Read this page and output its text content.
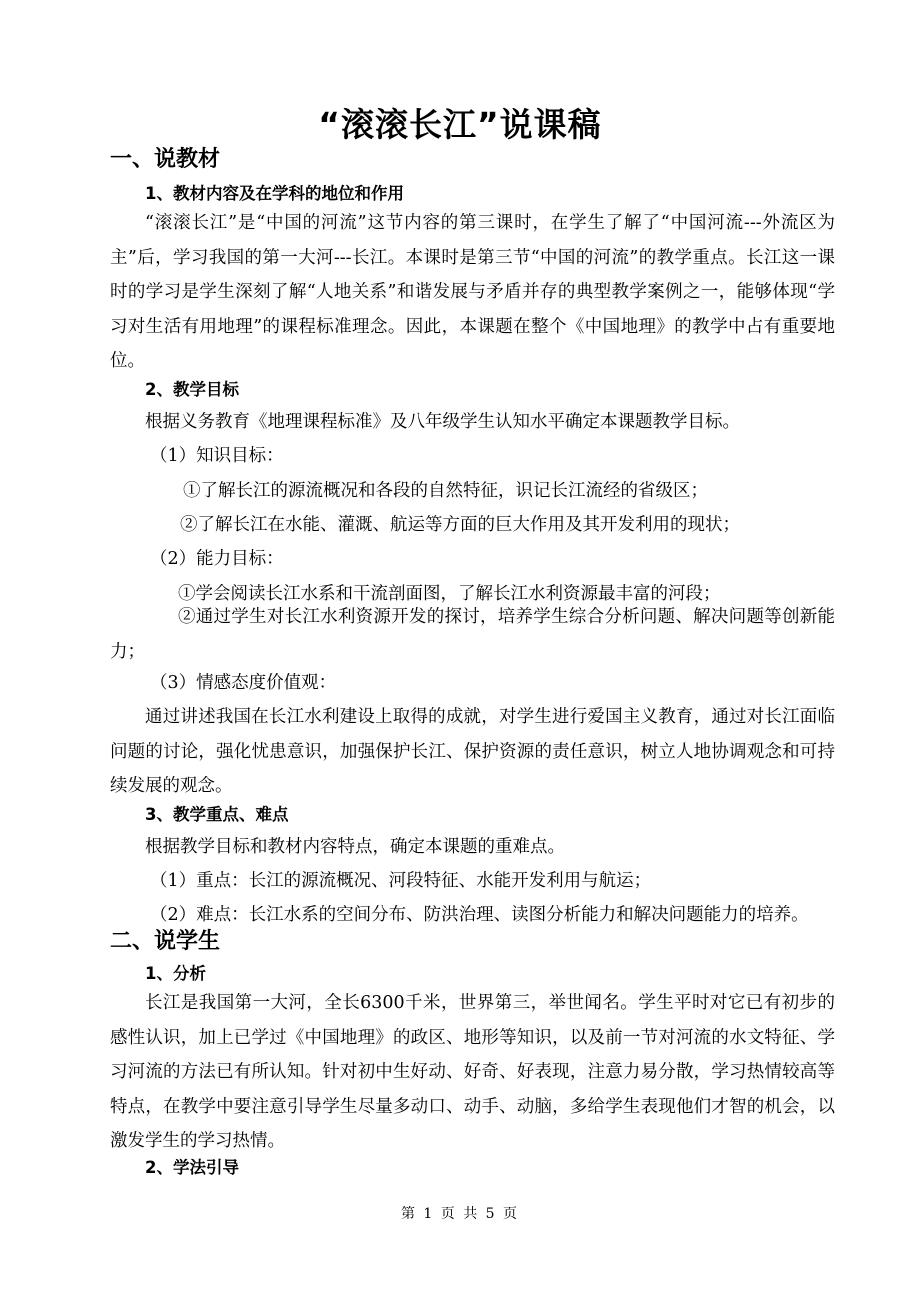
“滚滚长江”说课稿
一、说教材
1、教材内容及在学科的地位和作用
“滚滚长江”是“中国的河流”这节内容的第三课时，在学生了解了“中国河流---外流区为主”后，学习我国的第一大河---长江。本课时是第三节“中国的河流”的教学重点。长江这一课时的学习是学生深刻了解“人地关系”和谐发展与矛盾并存的典型教学案例之一，能够体现“学习对生活有用地理”的课程标准理念。因此，本课题在整个《中国地理》的教学中占有重要地位。
2、教学目标
根据义务教育《地理课程标准》及八年级学生认知水平确定本课题教学目标。
（1）知识目标：
①了解长江的源流概况和各段的自然特征，识记长江流经的省级区；
②了解长江在水能、灌溉、航运等方面的巨大作用及其开发利用的现状；
（2）能力目标：
①学会阅读长江水系和干流剖面图，了解长江水利资源最丰富的河段；
②通过学生对长江水利资源开发的探讨，培养学生综合分析问题、解决问题等创新能力；
（3）情感态度价值观：
通过讲述我国在长江水利建设上取得的成就，对学生进行爱国主义教育，通过对长江面临问题的讨论，强化忧患意识，加强保护长江、保护资源的责任意识，树立人地协调观念和可持续发展的观念。
3、教学重点、难点
根据教学目标和教材内容特点，确定本课题的重难点。
（1）重点：长江的源流概况、河段特征、水能开发利用与航运；
（2）难点：长江水系的空间分布、防洪治理、读图分析能力和解决问题能力的培养。
二、说学生
1、分析
长江是我国第一大河，全长6300千米，世界第三，举世闻名。学生平时对它已有初步的感性认识，加上已学过《中国地理》的政区、地形等知识，以及前一节对河流的水文特征、学习河流的方法已有所认知。针对初中生好动、好奇、好表现，注意力易分散，学习热情较高等特点，在教学中要注意引导学生尽量多动口、动手、动脑，多给学生表现他们才智的机会，以激发学生的学习热情。
2、学法引导
第 1 页 共 5 页
